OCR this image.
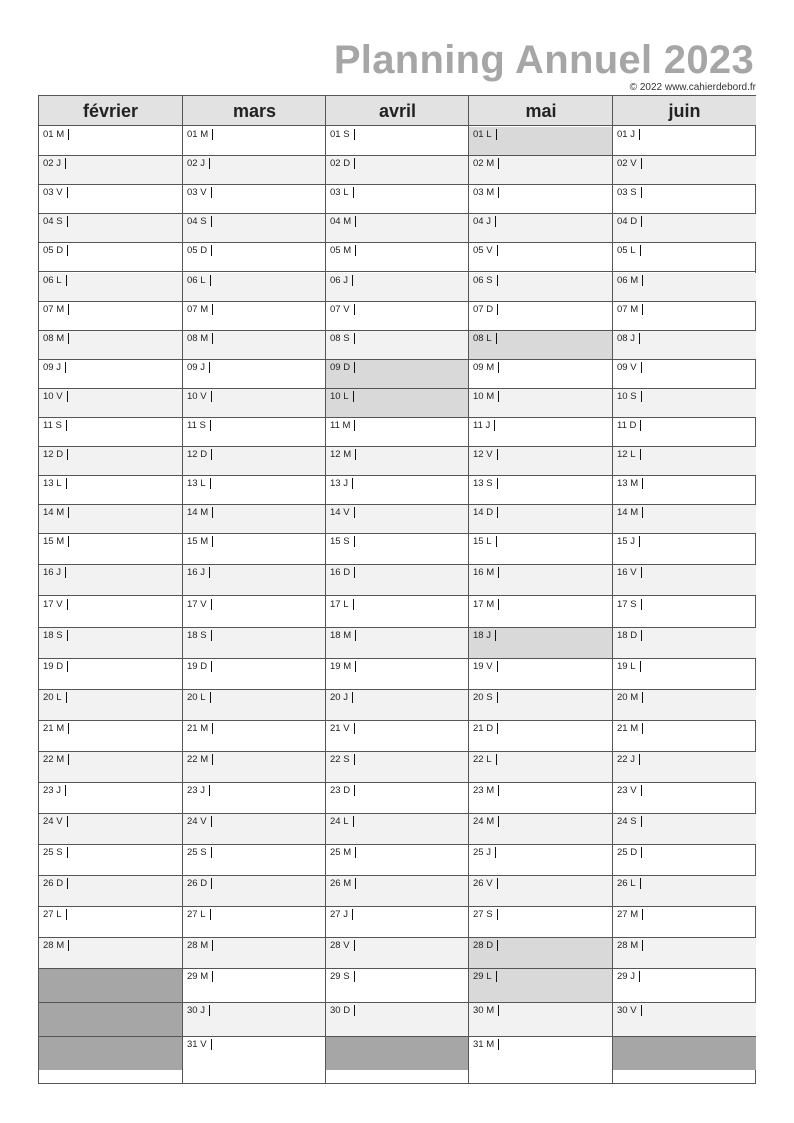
Planning Annuel 2023
© 2022 www.cahierdebord.fr
février
01 M
02 J
03 V
04 S
05 D
06 L
07 M
08 M
09 J
10 V
11 S
12 D
13 L
14 M
15 M
16 J
17 V
18 S
19 D
20 L
21 M
22 M
23 J
24 V
25 S
26 D
27 L
28 M
mars
01 M
02 J
03 V
04 S
05 D
06 L
07 M
08 M
09 J
10 V
11 S
12 D
13 L
14 M
15 M
16 J
17 V
18 S
19 D
20 L
21 M
22 M
23 J
24 V
25 S
26 D
27 L
28 M
29 M
30 J
31 V
avril
01 S
02 D
03 L
04 M
05 M
06 J
07 V
08 S
09 D
10 L
11 M
12 M
13 J
14 V
15 S
16 D
17 L
18 M
19 M
20 J
21 V
22 S
23 D
24 L
25 M
26 M
27 J
28 V
29 S
30 D
mai
01 L
02 M
03 M
04 J
05 V
06 S
07 D
08 L
09 M
10 M
11 J
12 V
13 S
14 D
15 L
16 M
17 M
18 J
19 V
20 S
21 D
22 L
23 M
24 M
25 J
26 V
27 S
28 D
29 L
30 M
31 M
juin
01 J
02 V
03 S
04 D
05 L
06 M
07 M
08 J
09 V
10 S
11 D
12 L
13 M
14 M
15 J
16 V
17 S
18 D
19 L
20 M
21 M
22 J
23 V
24 S
25 D
26 L
27 M
28 M
29 J
30 V
